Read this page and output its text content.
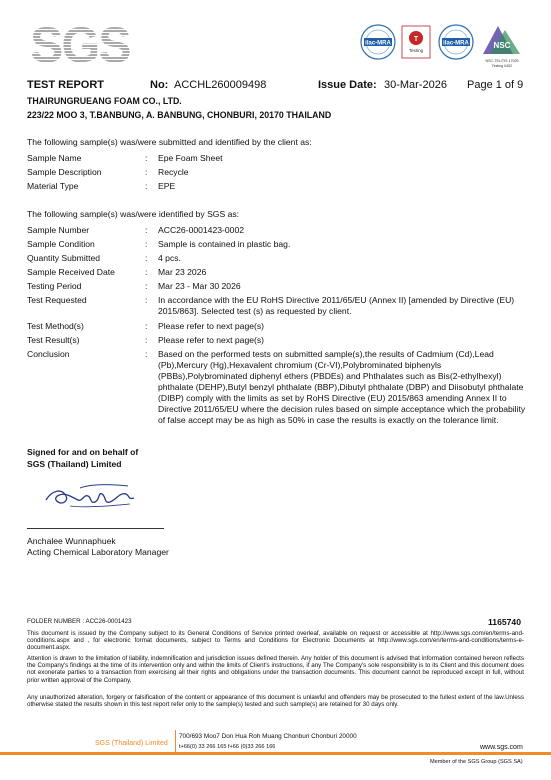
SGS	ilac-MRA
T
Testing
ilac-MRA	NSC
NSC-TEL/TIS 17025
Testing 0452
TEST REPORT	No: ACCHL260009498	Issue Date: 30-Mar-2026 Page 1 of 9
THAIRUNGRUEANG FOAM CO., LTD.
223/22 MOO 3, T.BANBUNG, A. BANBUNG, CHONBURI, 20170 THAILAND
The following sample(s) was/were submitted and identified by the client as:
Sample Name	: Epe Foam Sheet
Sample Description	: Recycle
Material Type	: EPE
The following sample(s) was/were identified by SGS as:
Sample Number	: ACC26-0001423-0002
Sample Condition	: Sample is contained in plastic bag.
Quantity Submitted	: 4 pcs.
Sample Received Date	: Mar 23 2026
Testing Period	: Mar 23 - Mar 30 2026
Test Requested	: In accordance with the EU RoHS Directive 2011/65/EU (Annex II) [amended by Directive (EU) 2015/863]. Selected test (s) as requested by client.
Test Method(s)	: Please refer to next page(s)
Test Result(s)	: Please refer to next page(s)
Conclusion	: Based on the performed tests on submitted sample(s),the results of Cadmium (Cd),Lead (Pb),Mercury (Hg),Hexavalent chromium (Cr-VI),Polybrominated biphenyls (PBBs),Polybrominated diphenyl ethers (PBDEs) and Phthalates such as Bis(2-ethylhexyl) phthalate (DEHP),Butyl benzyl phthalate (BBP),Dibutyl phthalate (DBP) and Diisobutyl phthalate (DIBP) comply with the limits as set by RoHS Directive (EU) 2015/863 amending Annex II to Directive 2011/65/EU where the decision rules based on simple acceptance which the probability of false accept may be as high as 50% in case the results is exactly on the tolerance limit.
Signed for and on behalf of
SGS (Thailand) Limited
Anchalee Wunnaphuek
Acting Chemical Laboratory Manager
FOLDER NUMBER : ACC26-0001423	1165740
This document is issued by the Company subject to its General Conditions of Service printed overleaf, available on request or accessible at http://www.sgs.com/en/terms-and-conditions.aspx and , for electronic format documents, subject to Terms and Conditions for Electronic Documents at http://www.sgs.com/en/terms-and-conditions/terms-e-document.aspx.
Attention is drawn to the limitation of liability, indemnification and jurisdiction issues defined therein. Any holder of this document is advised that information contained hereon reflects the Company's findings at the time of its intervention only and within the limits of Client's instructions, if any The Company's sole responsibility is to its Client and this document does not exonerate parties to a transaction from exercising all their rights and obligations under the transaction documents. This document cannot be reproduced except in full, without prior written approval of the Company.
Any unauthorized alteration, forgery or falsification of the content or appearance of this document is unlawful and offenders may be prosecuted to the fullest extent of the law.Unless otherwise stated the results shown in this test report refer only to the sample(s) tested and such sample(s) are retained for 30 days only.
SGS (Thailand) Limited
700/693 Moo7 Don Hua Roh Muang Chonburi Chonburi 20000
t+66(0) 33 266 165 f+66 (0)33 266 166	www.sgs.com
Member of the SGS Group (SGS SA)
